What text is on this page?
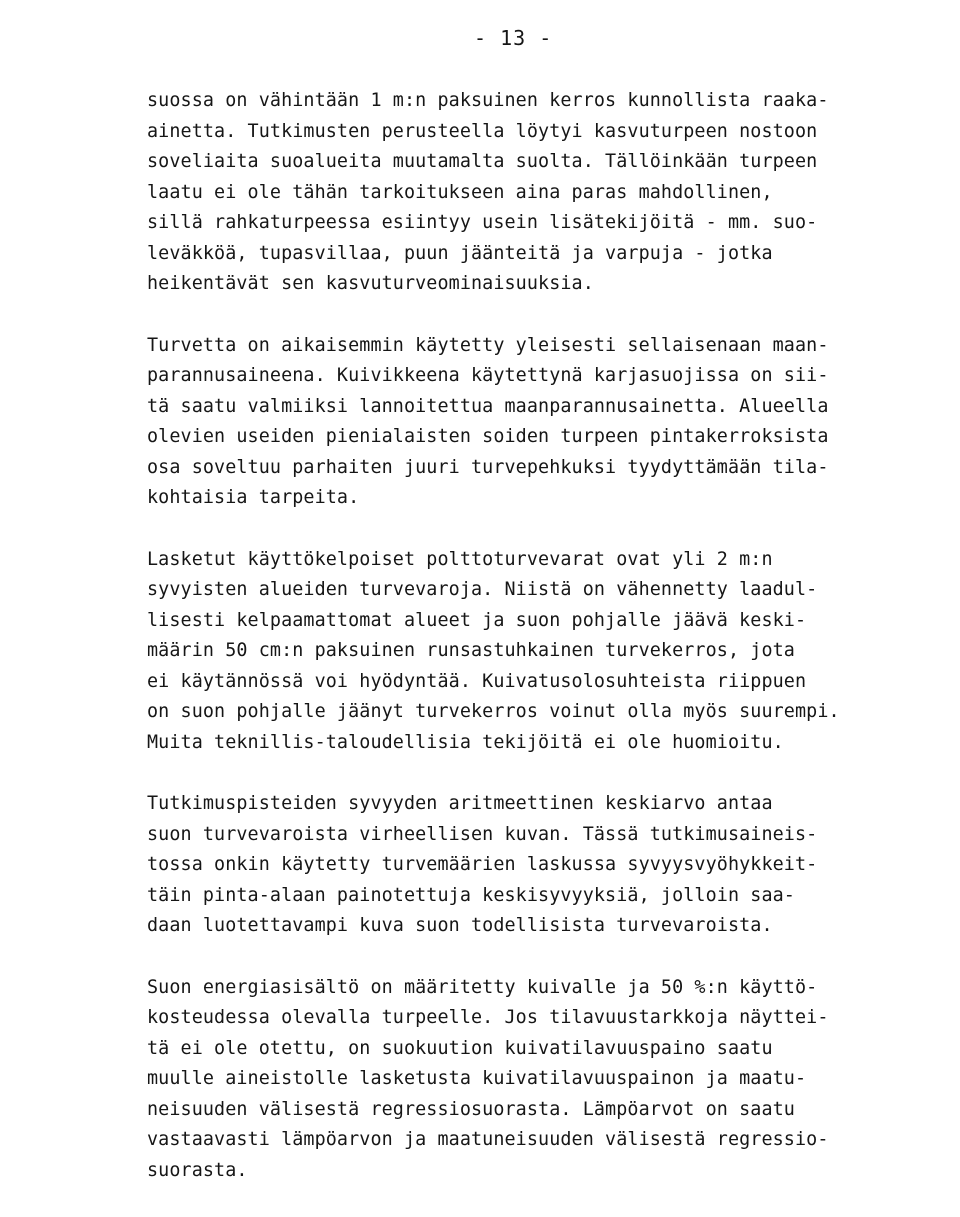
- 13 -
suossa on vähintään 1 m:n paksuinen kerros kunnollista raaka-
ainetta. Tutkimusten perusteella löytyi kasvuturpeen nostoon
soveliaita suoalueita muutamalta suolta. Tällöinkään turpeen
laatu ei ole tähän tarkoitukseen aina paras mahdollinen,
sillä rahkaturpeessa esiintyy usein lisätekijöitä - mm. suo-
leväkköä, tupasvillaa, puun jäänteitä ja varpuja - jotka
heikentävät sen kasvuturveominaisuuksia.
Turvetta on aikaisemmin käytetty yleisesti sellaisenaan maan-
parannusaineena. Kuivikkeena käytettynä karjasuojissa on sii-
tä saatu valmiiksi lannoitettua maanparannusainetta. Alueella
olevien useiden pienialaisten soiden turpeen pintakerroksista
osa soveltuu parhaiten juuri turvepehkuksi tyydyttämään tila-
kohtaisia tarpeita.
Lasketut käyttökelpoiset polttoturvevarat ovat yli 2 m:n
syvyisten alueiden turvevaroja. Niistä on vähennetty laadul-
lisesti kelpaamattomat alueet ja suon pohjalle jäävä keski-
määrin 50 cm:n paksuinen runsastuhkainen turvekerros, jota
ei käytännössä voi hyödyntää. Kuivatusolosuhteista riippuen
on suon pohjalle jäänyt turvekerros voinut olla myös suurempi.
Muita teknillis-taloudellisia tekijöitä ei ole huomioitu.
Tutkimuspisteiden syvyyden aritmeettinen keskiarvo antaa
suon turvevaroista virheellisen kuvan. Tässä tutkimusaineis-
tossa onkin käytetty turvemäärien laskussa syvyysvyöhykkeit-
täin pinta-alaan painotettuja keskisyvyyksiä, jolloin saa-
daan luotettavampi kuva suon todellisista turvevaroista.
Suon energiasisältö on määritetty kuivalle ja 50 %:n käyttö-
kosteudessa olevalla turpeelle. Jos tilavuustarkkoja näyttei-
tä ei ole otettu, on suokuution kuivatilavuuspaino saatu
muulle aineistolle lasketusta kuivatilavuuspainon ja maatu-
neisuuden välisestä regressiosuorasta. Lämpöarvot on saatu
vastaavasti lämpöarvon ja maatuneisuuden välisestä regressio-
suorasta.
